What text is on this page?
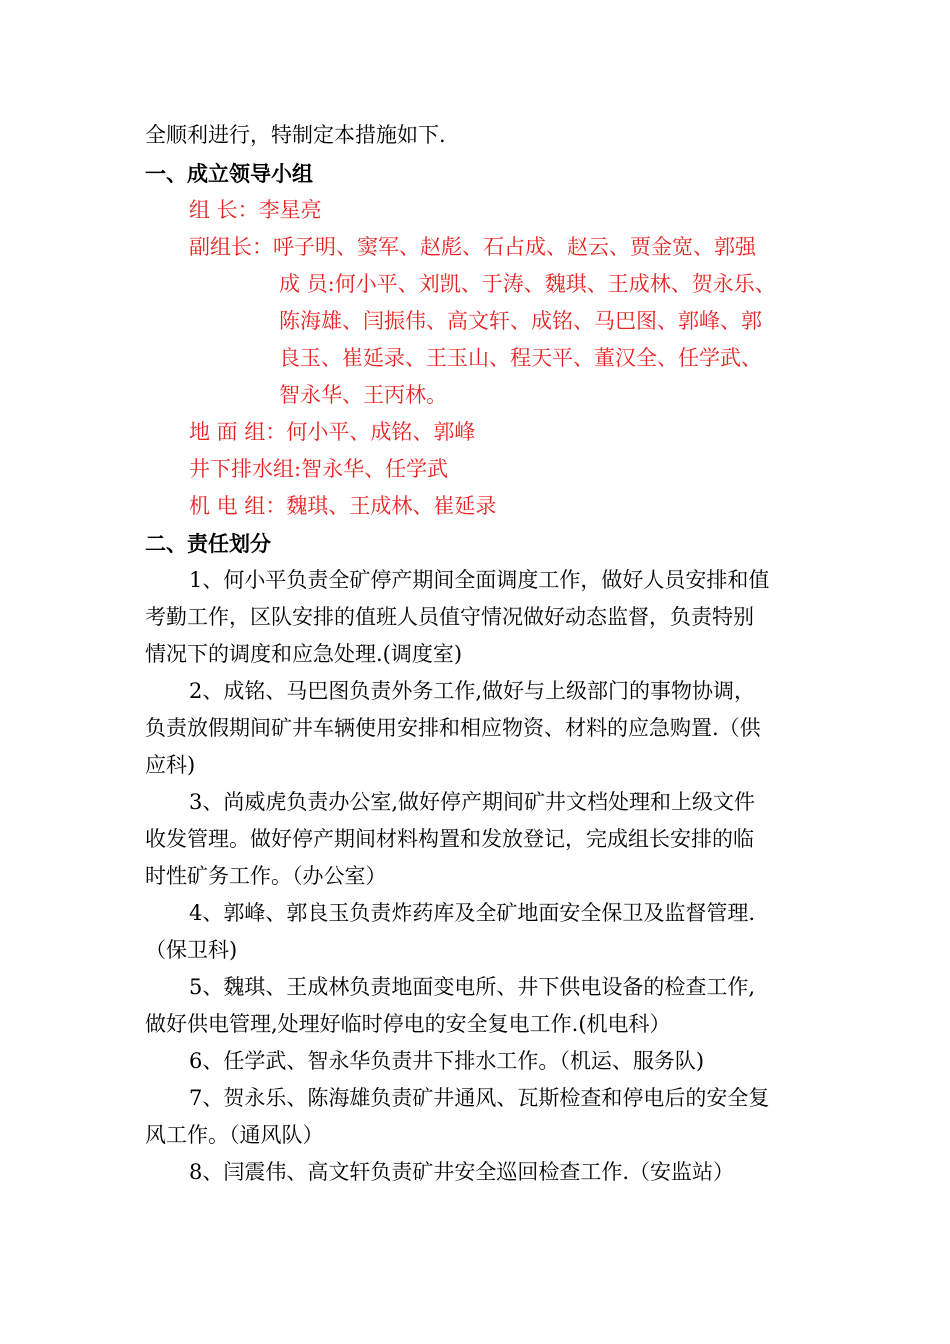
全顺利进行，特制定本措施如下.
一、成立领导小组
组 长：李星亮
副组长：呼子明、窦军、赵彪、石占成、赵云、贾金宽、郭强
成 员:何小平、刘凯、于涛、魏琪、王成林、贺永乐、
陈海雄、闫振伟、高文轩、成铭、马巴图、郭峰、郭
良玉、崔延录、王玉山、程天平、董汉全、任学武、
智永华、王丙林。
地 面 组：何小平、成铭、郭峰
井下排水组:智永华、任学武
机 电 组：魏琪、王成林、崔延录
二、责任划分
1、何小平负责全矿停产期间全面调度工作，做好人员安排和值
考勤工作，区队安排的值班人员值守情况做好动态监督，负责特别
情况下的调度和应急处理.(调度室)
2、成铭、马巴图负责外务工作,做好与上级部门的事物协调，
负责放假期间矿井车辆使用安排和相应物资、材料的应急购置.（供
应科)
3、尚威虎负责办公室,做好停产期间矿井文档处理和上级文件
收发管理。做好停产期间材料构置和发放登记，完成组长安排的临
时性矿务工作。（办公室）
4、郭峰、郭良玉负责炸药库及全矿地面安全保卫及监督管理.
（保卫科)
5、魏琪、王成林负责地面变电所、井下供电设备的检查工作,
做好供电管理,处理好临时停电的安全复电工作.(机电科）
6、任学武、智永华负责井下排水工作。（机运、服务队)
7、贺永乐、陈海雄负责矿井通风、瓦斯检查和停电后的安全复
风工作。（通风队）
8、闫震伟、高文轩负责矿井安全巡回检查工作.（安监站）
